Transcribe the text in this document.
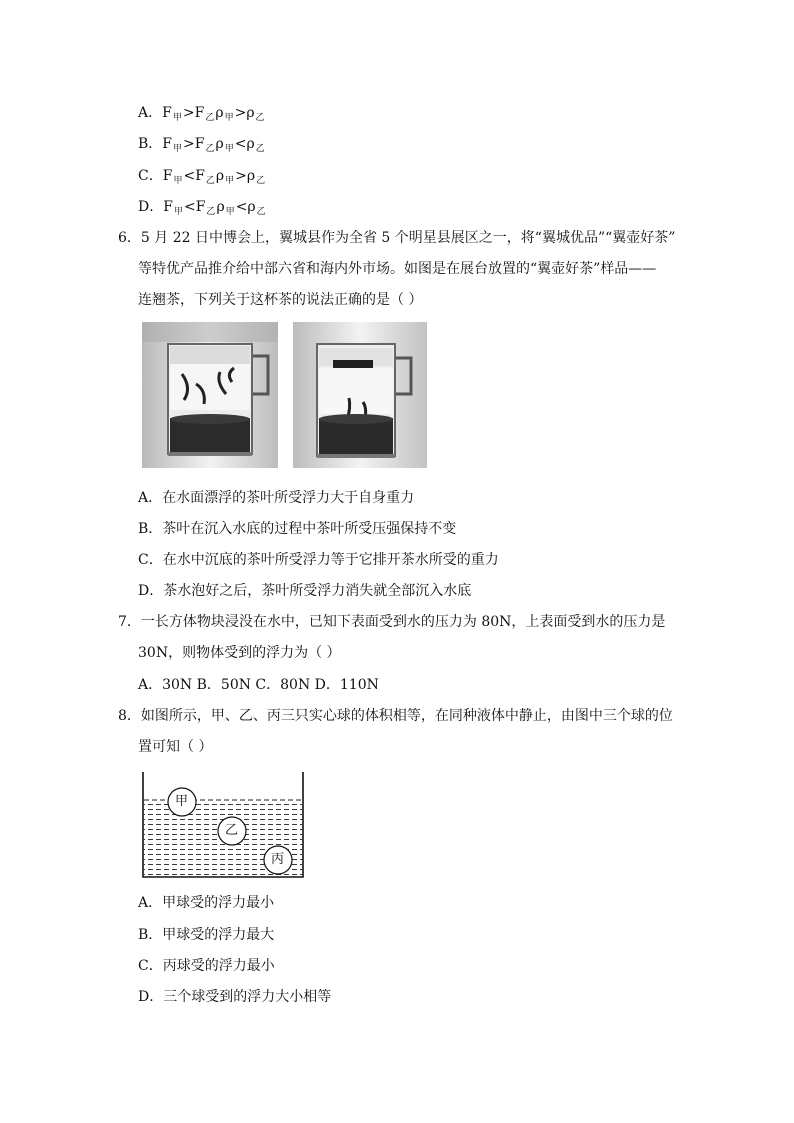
A．$F_甲>F_乙\rho_甲>\rho_乙$
B．$F_甲>F_乙\rho_甲<\rho_乙$
C．$F_甲<F_乙\rho_甲>\rho_乙$
D．$F_甲<F_乙\rho_甲<\rho_乙$
6．5 月 22 日中博会上，翼城县作为全省 5 个明星县展区之一，将“翼城优品”“翼壶好茶”
等特优产品推介给中部六省和海内外市场。如图是在展台放置的“翼壶好茶”样品——
连翘茶，下列关于这杯茶的说法正确的是（ ）
A．在水面漂浮的茶叶所受浮力大于自身重力
B．茶叶在沉入水底的过程中茶叶所受压强保持不变
C．在水中沉底的茶叶所受浮力等于它排开茶水所受的重力
D．茶水泡好之后，茶叶所受浮力消失就全部沉入水底
7．一长方体物块浸没在水中，已知下表面受到水的压力为 80N，上表面受到水的压力是
30N，则物体受到的浮力为（ ）
A．30N B．50N C．80N D．110N
8．如图所示，甲、乙、丙三只实心球的体积相等，在同种液体中静止，由图中三个球的位
置可知（ ）
甲
乙
丙
A．甲球受的浮力最小
B．甲球受的浮力最大
C．丙球受的浮力最小
D．三个球受到的浮力大小相等
